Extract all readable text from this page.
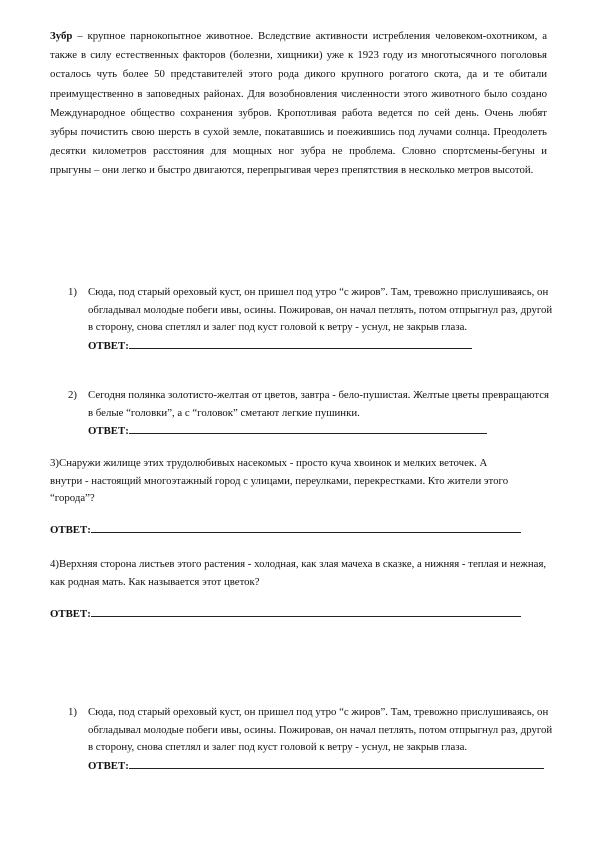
Зубр – крупное парнокопытное животное. Вследствие активности истребления человеком-охотником, а также в силу естественных факторов (болезни, хищники) уже к 1923 году из многотысячного поголовья осталось чуть более 50 представителей этого рода дикого крупного рогатого скота, да и те обитали преимущественно в заповедных районах. Для возобновления численности этого животного было создано Международное общество сохранения зубров. Кропотливая работа ведется по сей день. Очень любят зубры почистить свою шерсть в сухой земле, покатавшись и поежившись под лучами солнца. Преодолеть десятки километров расстояния для мощных ног зубра не проблема. Словно спортсмены-бегуны и прыгуны – они легко и быстро двигаются, перепрыгивая через препятствия в несколько метров высотой.
1)	Сюда, под старый ореховый куст, он пришел под утро “с жиров”. Там, тревожно прислушиваясь, он обгладывал молодые побеги ивы, осины. Пожировав, он начал петлять, потом отпрыгнул раз, другой в сторону, снова спетлял и залег под куст головой к ветру - уснул, не закрыв глаза.
ОТВЕТ:
2)	Сегодня полянка золотисто-желтая от цветов, завтра - бело-пушистая. Желтые цветы превращаются в белые “головки”, а с “головок” сметают легкие пушинки.
ОТВЕТ:
3)Снаружи жилище этих трудолюбивых насекомых - просто куча хвоинок и мелких веточек. А внутри - настоящий многоэтажный город с улицами, переулками, перекрестками. Кто жители этого “города”?
ОТВЕТ:
4)Верхняя сторона листьев этого растения - холодная, как злая мачеха в сказке, а нижняя - теплая и нежная, как родная мать. Как называется этот цветок?
ОТВЕТ:
1)	Сюда, под старый ореховый куст, он пришел под утро “с жиров”. Там, тревожно прислушиваясь, он обгладывал молодые побеги ивы, осины. Пожировав, он начал петлять, потом отпрыгнул раз, другой в сторону, снова спетлял и залег под куст головой к ветру - уснул, не закрыв глаза.
ОТВЕТ:
